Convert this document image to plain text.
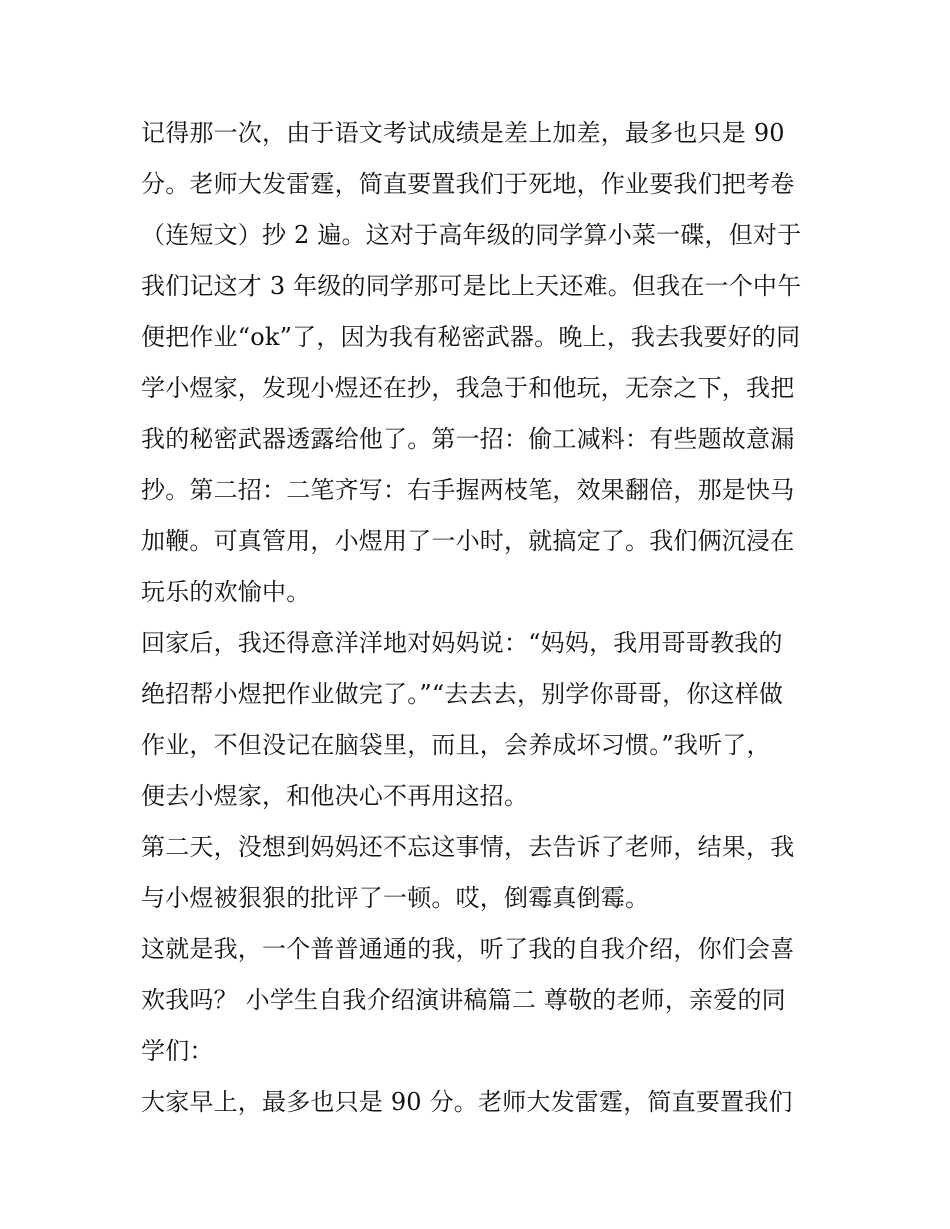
记得那一次，由于语文考试成绩是差上加差，最多也只是 90
分。老师大发雷霆，简直要置我们于死地，作业要我们把考卷
（连短文）抄 2 遍。这对于高年级的同学算小菜一碟，但对于
我们记这才 3 年级的同学那可是比上天还难。但我在一个中午
便把作业“ok”了，因为我有秘密武器。晚上，我去我要好的同
学小煜家，发现小煜还在抄，我急于和他玩，无奈之下，我把
我的秘密武器透露给他了。第一招：偷工减料：有些题故意漏
抄。第二招：二笔齐写：右手握两枝笔，效果翻倍，那是快马
加鞭。可真管用，小煜用了一小时，就搞定了。我们俩沉浸在
玩乐的欢愉中。
回家后，我还得意洋洋地对妈妈说：“妈妈，我用哥哥教我的
绝招帮小煜把作业做完了。”“去去去，别学你哥哥，你这样做
作业，不但没记在脑袋里，而且，会养成坏习惯。”我听了，
便去小煜家，和他决心不再用这招。
第二天，没想到妈妈还不忘这事情，去告诉了老师，结果，我
与小煜被狠狠的批评了一顿。哎，倒霉真倒霉。
这就是我，一个普普通通的我，听了我的自我介绍，你们会喜
欢我吗？ 小学生自我介绍演讲稿篇二 尊敬的老师，亲爱的同
学们：
大家早上，最多也只是 90 分。老师大发雷霆，简直要置我们
